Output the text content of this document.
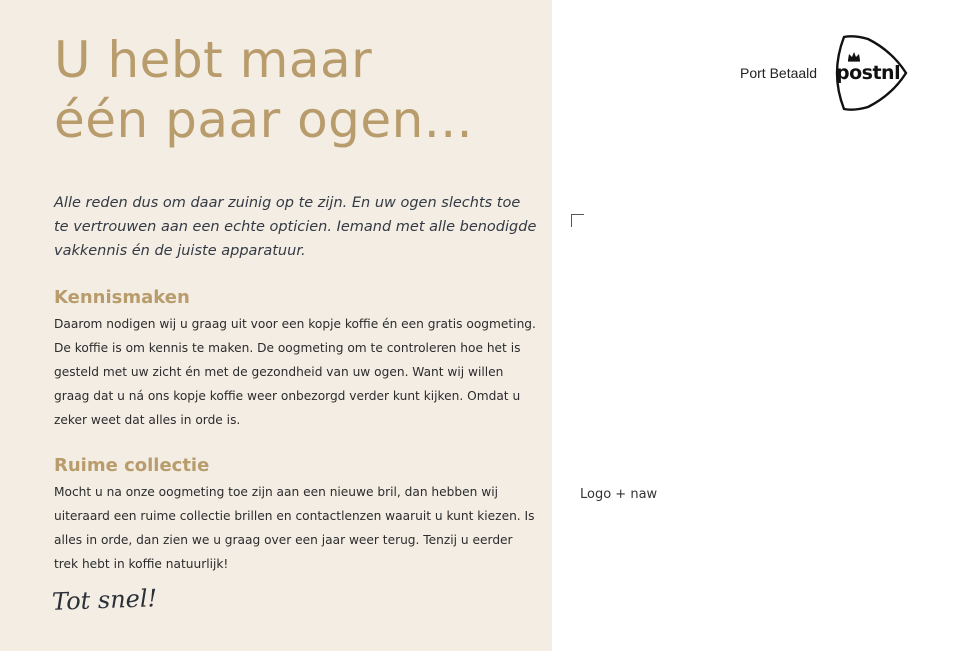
U hebt maar
één paar ogen...

Alle reden dus om daar zuinig op te zijn. En uw ogen slechts toe te vertrouwen aan een echte opticien. Iemand met alle benodigde vakkennis én de juiste apparatuur.

Kennismaken

Daarom nodigen wij u graag uit voor een kopje koffie én een gratis oogmeting. De koffie is om kennis te maken. De oogmeting om te controleren hoe het is gesteld met uw zicht én met de gezondheid van uw ogen. Want wij willen graag dat u ná ons kopje koffie weer onbezorgd verder kunt kijken. Omdat u zeker weet dat alles in orde is.

Ruime collectie

Mocht u na onze oogmeting toe zijn aan een nieuwe bril, dan hebben wij uiteraard een ruime collectie brillen en contactlenzen waaruit u kunt kiezen. Is alles in orde, dan zien we u graag over een jaar weer terug. Tenzij u eerder trek hebt in koffie natuurlijk!

Tot snel!
Port Betaald postnl
Logo + naw
